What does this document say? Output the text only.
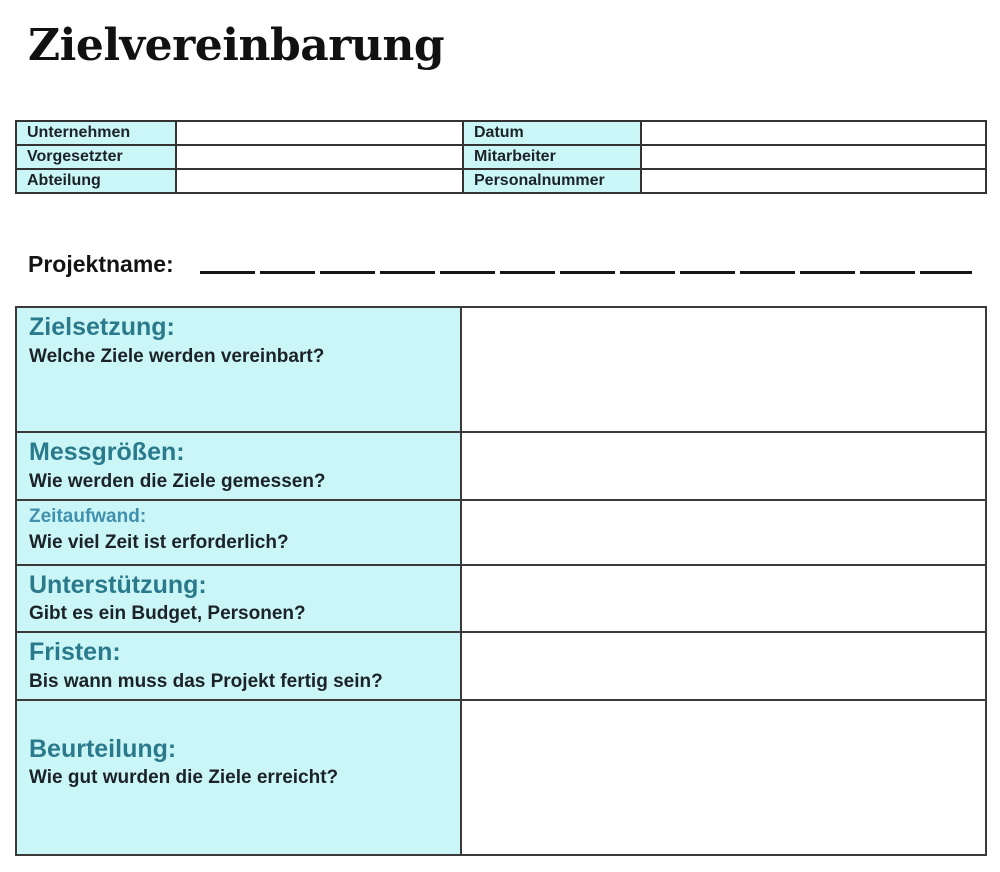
Zielvereinbarung
Unternehmen		Datum	
Vorgesetzter		Mitarbeiter	
Abteilung		Personalnummer	
Projektname:
Zielsetzung:
Welche Ziele werden vereinbart?	

Messgrößen:
Wie werden die Ziele gemessen?	

Zeitaufwand:
Wie viel Zeit ist erforderlich?	

Unterstützung:
Gibt es ein Budget, Personen?	

Fristen:
Bis wann muss das Projekt fertig sein?	

Beurteilung:
Wie gut wurden die Ziele erreicht?	
